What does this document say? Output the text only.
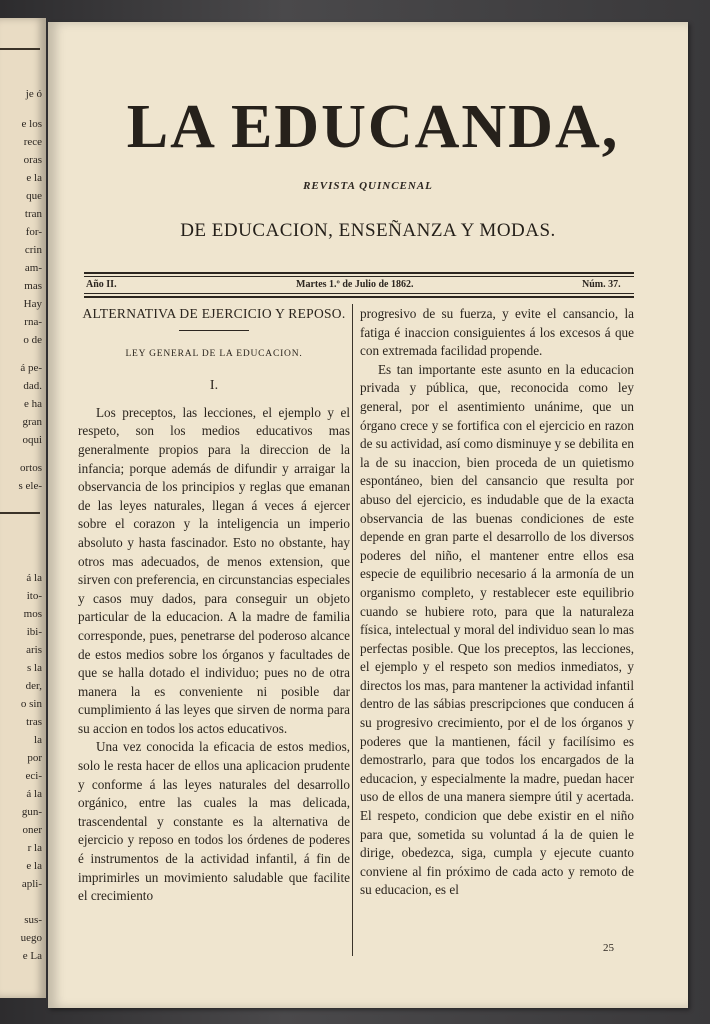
je ó
e los
rece
oras
e la
que
tran
for-
crin
am-
mas
Hay
rna-
o de
á pe-
dad.
e ha
gran
oqui
ortos
s ele-
á la
ito-
mos
ibi-
aris
s la
der,
o sin
tras
la
por
eci-
á la
gun-
oner
r la
e la
apli-
sus-
uego
e La
LA EDUCANDA,
REVISTA QUINCENAL
DE EDUCACION, ENSEÑANZA Y MODAS.
Año II.	Martes 1.º de Julio de 1862.	Núm. 37.
ALTERNATIVA DE EJERCICIO Y REPOSO.
LEY GENERAL DE LA EDUCACION.
I.

Los preceptos, las lecciones, el ejemplo y el respeto, son los medios educativos mas generalmente propios para la direccion de la infancia; porque además de difundir y arraigar la observancia de los principios y reglas que emanan de las leyes naturales, llegan á veces á ejercer sobre el corazon y la inteligencia un imperio absoluto y hasta fascinador. Esto no obstante, hay otros mas adecuados, de menos extension, que sirven con preferencia, en circunstancias especiales y casos muy dados, para conseguir un objeto particular de la educacion. A la madre de familia corresponde, pues, penetrarse del poderoso alcance de estos medios sobre los órganos y facultades de que se halla dotado el individuo; pues no de otra manera la es conveniente ni posible dar cumplimiento á las leyes que sirven de norma para su accion en todos los actos educativos.

Una vez conocida la eficacia de estos medios, solo le resta hacer de ellos una aplicacion prudente y conforme á las leyes naturales del desarrollo orgánico, entre las cuales la mas delicada, trascendental y constante es la alternativa de ejercicio y reposo en todos los órdenes de poderes é instrumentos de la actividad infantil, á fin de imprimirles un movimiento saludable que facilite el crecimiento

progresivo de su fuerza, y evite el cansancio, la fatiga é inaccion consiguientes á los excesos á que con extremada facilidad propende.

Es tan importante este asunto en la educacion privada y pública, que, reconocida como ley general, por el asentimiento unánime, que un órgano crece y se fortifica con el ejercicio en razon de su actividad, así como disminuye y se debilita en la de su inaccion, bien proceda de un quietismo espontáneo, bien del cansancio que resulta por abuso del ejercicio, es indudable que de la exacta observancia de las buenas condiciones de este depende en gran parte el desarrollo de los diversos poderes del niño, el mantener entre ellos esa especie de equilibrio necesario á la armonía de un organismo completo, y restablecer este equilibrio cuando se hubiere roto, para que la naturaleza física, intelectual y moral del individuo sean lo mas perfectas posible. Que los preceptos, las lecciones, el ejemplo y el respeto son medios inmediatos, y directos los mas, para mantener la actividad infantil dentro de las sábias prescripciones que conducen á su progresivo crecimiento, por el de los órganos y poderes que la mantienen, fácil y facilísimo es demostrarlo, para que todos los encargados de la educacion, y especialmente la madre, puedan hacer uso de ellos de una manera siempre útil y acertada. El respeto, condicion que debe existir en el niño para que, sometida su voluntad á la de quien le dirige, obedezca, siga, cumpla y ejecute cuanto conviene al fin próximo de cada acto y remoto de su educacion, es el

25
